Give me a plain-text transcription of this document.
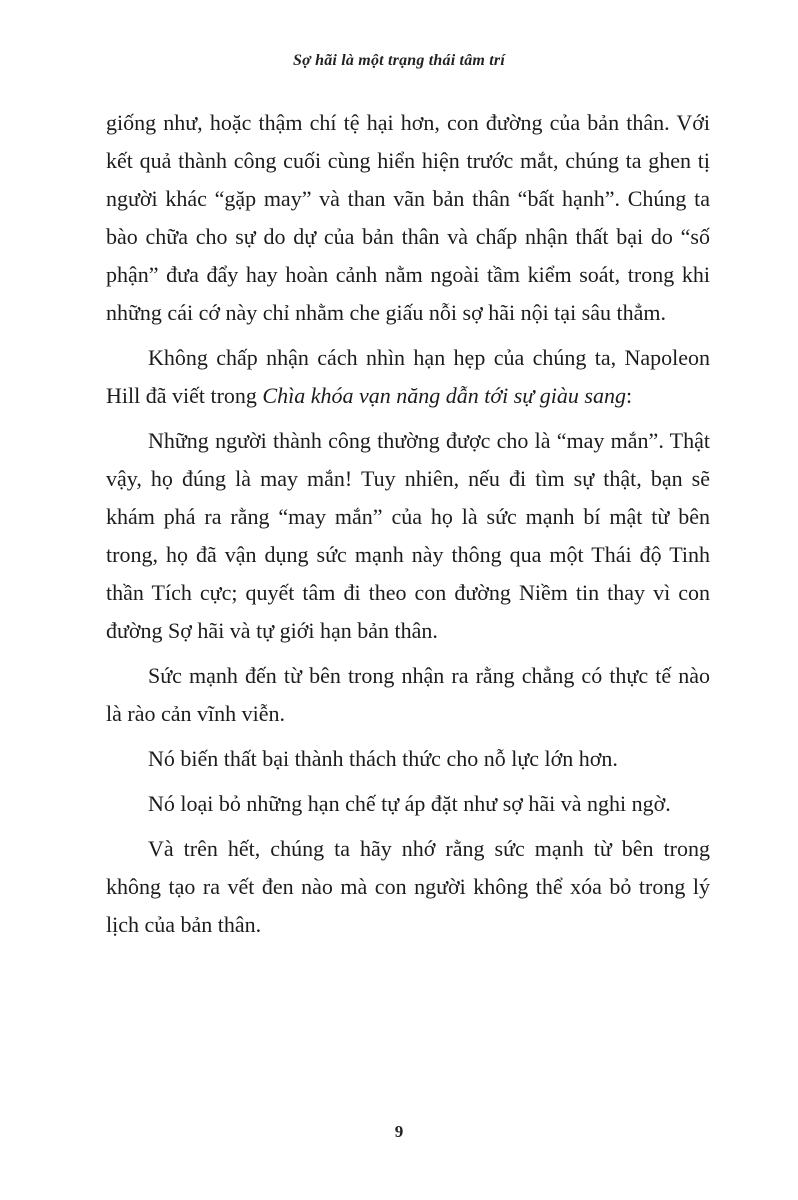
Sợ hãi là một trạng thái tâm trí

giống như, hoặc thậm chí tệ hại hơn, con đường của bản thân. Với kết quả thành công cuối cùng hiển hiện trước mắt, chúng ta ghen tị người khác “gặp may” và than vãn bản thân “bất hạnh”. Chúng ta bào chữa cho sự do dự của bản thân và chấp nhận thất bại do “số phận” đưa đẩy hay hoàn cảnh nằm ngoài tầm kiểm soát, trong khi những cái cớ này chỉ nhằm che giấu nỗi sợ hãi nội tại sâu thẳm.

Không chấp nhận cách nhìn hạn hẹp của chúng ta, Napoleon Hill đã viết trong Chìa khóa vạn năng dẫn tới sự giàu sang:

Những người thành công thường được cho là “may mắn”. Thật vậy, họ đúng là may mắn! Tuy nhiên, nếu đi tìm sự thật, bạn sẽ khám phá ra rằng “may mắn” của họ là sức mạnh bí mật từ bên trong, họ đã vận dụng sức mạnh này thông qua một Thái độ Tinh thần Tích cực; quyết tâm đi theo con đường Niềm tin thay vì con đường Sợ hãi và tự giới hạn bản thân.

Sức mạnh đến từ bên trong nhận ra rằng chẳng có thực tế nào là rào cản vĩnh viễn.

Nó biến thất bại thành thách thức cho nỗ lực lớn hơn.

Nó loại bỏ những hạn chế tự áp đặt như sợ hãi và nghi ngờ.

Và trên hết, chúng ta hãy nhớ rằng sức mạnh từ bên trong không tạo ra vết đen nào mà con người không thể xóa bỏ trong lý lịch của bản thân.

9
